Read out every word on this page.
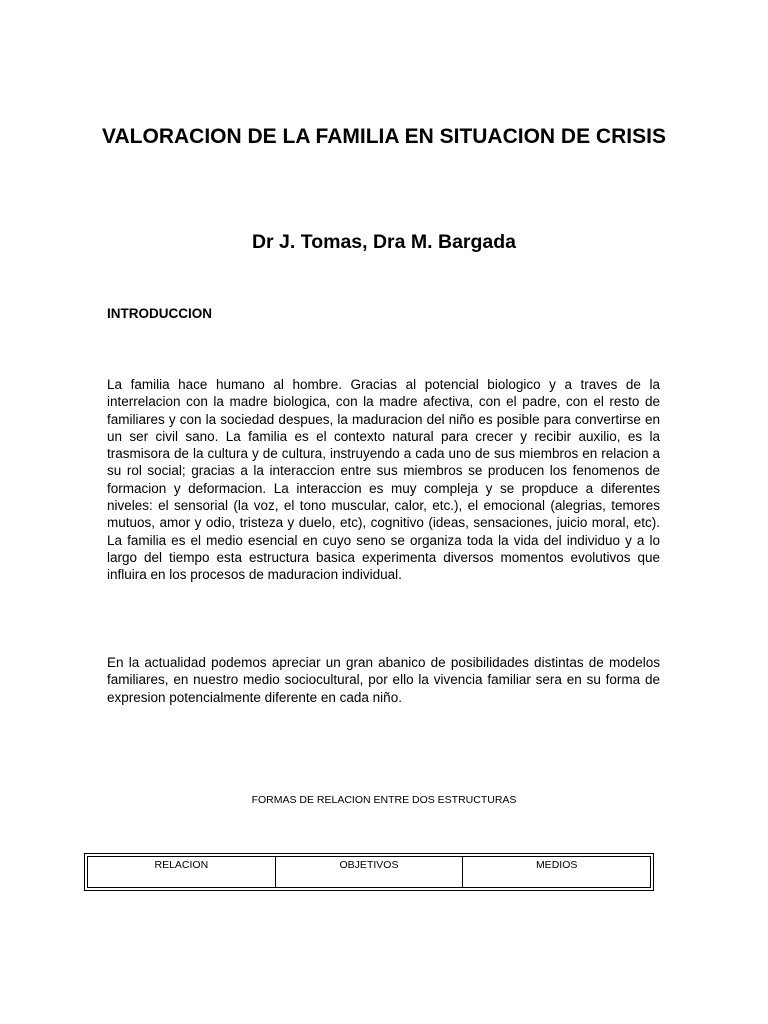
VALORACION DE LA FAMILIA EN SITUACION DE CRISIS
Dr J. Tomas, Dra M. Bargada
INTRODUCCION

La familia hace humano al hombre. Gracias al potencial biologico y a traves de la interrelacion con la madre biologica, con la madre afectiva, con el padre, con el resto de familiares y con la sociedad despues, la maduracion del niño es posible para convertirse en un ser civil sano. La familia es el contexto natural para crecer y recibir auxilio, es la trasmisora de la cultura y de cultura, instruyendo a cada uno de sus miembros en relacion a su rol social; gracias a la interaccion entre sus miembros se producen los fenomenos de formacion y deformacion. La interaccion es muy compleja y se propduce a diferentes niveles: el sensorial (la voz, el tono muscular, calor, etc.), el emocional (alegrias, temores mutuos, amor y odio, tristeza y duelo, etc), cognitivo (ideas, sensaciones, juicio moral, etc). La familia es el medio esencial en cuyo seno se organiza toda la vida del individuo y a lo largo del tiempo esta estructura basica experimenta diversos momentos evolutivos que influira en los procesos de maduracion individual.

En la actualidad podemos apreciar un gran abanico de posibilidades distintas de modelos familiares, en nuestro medio sociocultural, por ello la vivencia familiar sera en su forma de expresion potencialmente diferente en cada niño.

FORMAS DE RELACION ENTRE DOS ESTRUCTURAS
RELACION	OBJETIVOS	MEDIOS
